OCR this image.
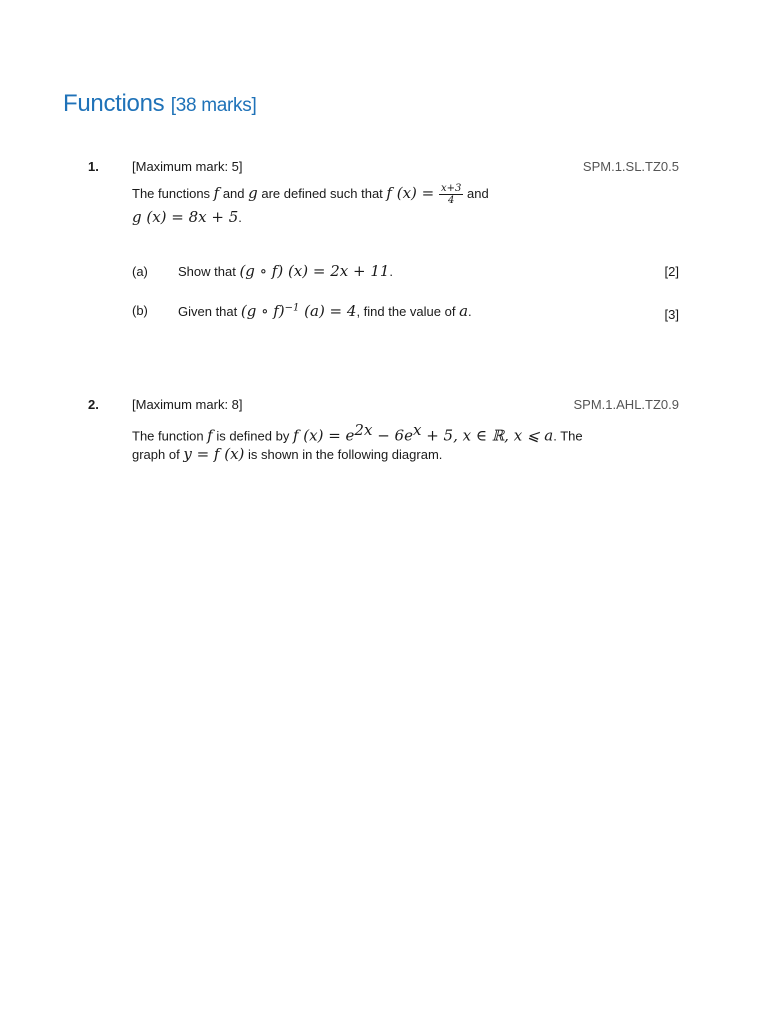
Functions [38 marks]
1.	[Maximum mark: 5]	SPM.1.SL.TZ0.5
The functions f and g are defined such that f $(x) = \frac{x+3}{4}$ and
g (x) = 8x + 5.
(a) Show that (g ∘ f) (x) = 2x + 11.	[2]
(b) Given that (g ∘ f)$^{-1}$ (a) = 4, find the value of a.	[3]
2.	[Maximum mark: 8]	SPM.1.AHL.TZ0.9
The function f is defined by f $(x) = e^{2x} - 6e^x + 5$, x ∈ ℝ, x ⩽ a. The
graph of y = f (x) is shown in the following diagram.
